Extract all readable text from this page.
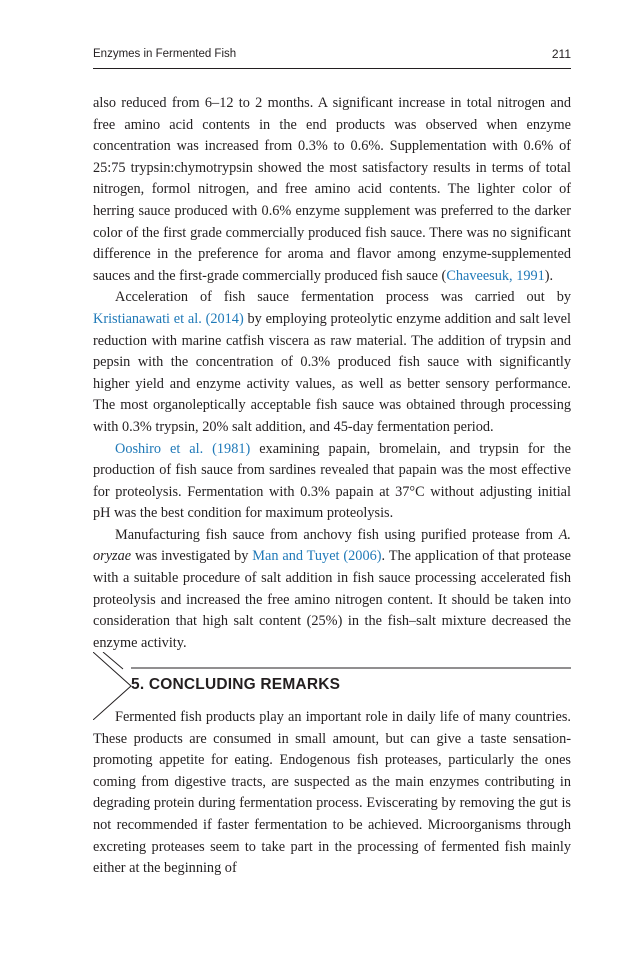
Enzymes in Fermented Fish	211

also reduced from 6–12 to 2 months. A significant increase in total nitrogen and free amino acid contents in the end products was observed when enzyme concentration was increased from 0.3% to 0.6%. Supplementation with 0.6% of 25:75 trypsin:chymotrypsin showed the most satisfactory results in terms of total nitrogen, formol nitrogen, and free amino acid contents. The lighter color of herring sauce produced with 0.6% enzyme supplement was preferred to the darker color of the first grade commercially produced fish sauce. There was no significant difference in the preference for aroma and flavor among enzyme-supplemented sauces and the first-grade commercially produced fish sauce (Chaveesuk, 1991).

Acceleration of fish sauce fermentation process was carried out by Kristianawati et al. (2014) by employing proteolytic enzyme addition and salt level reduction with marine catfish viscera as raw material. The addition of trypsin and pepsin with the concentration of 0.3% produced fish sauce with significantly higher yield and enzyme activity values, as well as better sensory performance. The most organoleptically acceptable fish sauce was obtained through processing with 0.3% trypsin, 20% salt addition, and 45-day fermentation period.

Ooshiro et al. (1981) examining papain, bromelain, and trypsin for the production of fish sauce from sardines revealed that papain was the most effective for proteolysis. Fermentation with 0.3% papain at 37°C without adjusting initial pH was the best condition for maximum proteolysis.

Manufacturing fish sauce from anchovy fish using purified protease from A. oryzae was investigated by Man and Tuyet (2006). The application of that protease with a suitable procedure of salt addition in fish sauce processing accelerated fish proteolysis and increased the free amino nitrogen content. It should be taken into consideration that high salt content (25%) in the fish–salt mixture decreased the enzyme activity.

5. CONCLUDING REMARKS

Fermented fish products play an important role in daily life of many countries. These products are consumed in small amount, but can give a taste sensation-promoting appetite for eating. Endogenous fish proteases, particularly the ones coming from digestive tracts, are suspected as the main enzymes contributing in degrading protein during fermentation process. Eviscerating by removing the gut is not recommended if faster fermentation to be achieved. Microorganisms through excreting proteases seem to take part in the processing of fermented fish mainly either at the beginning of
